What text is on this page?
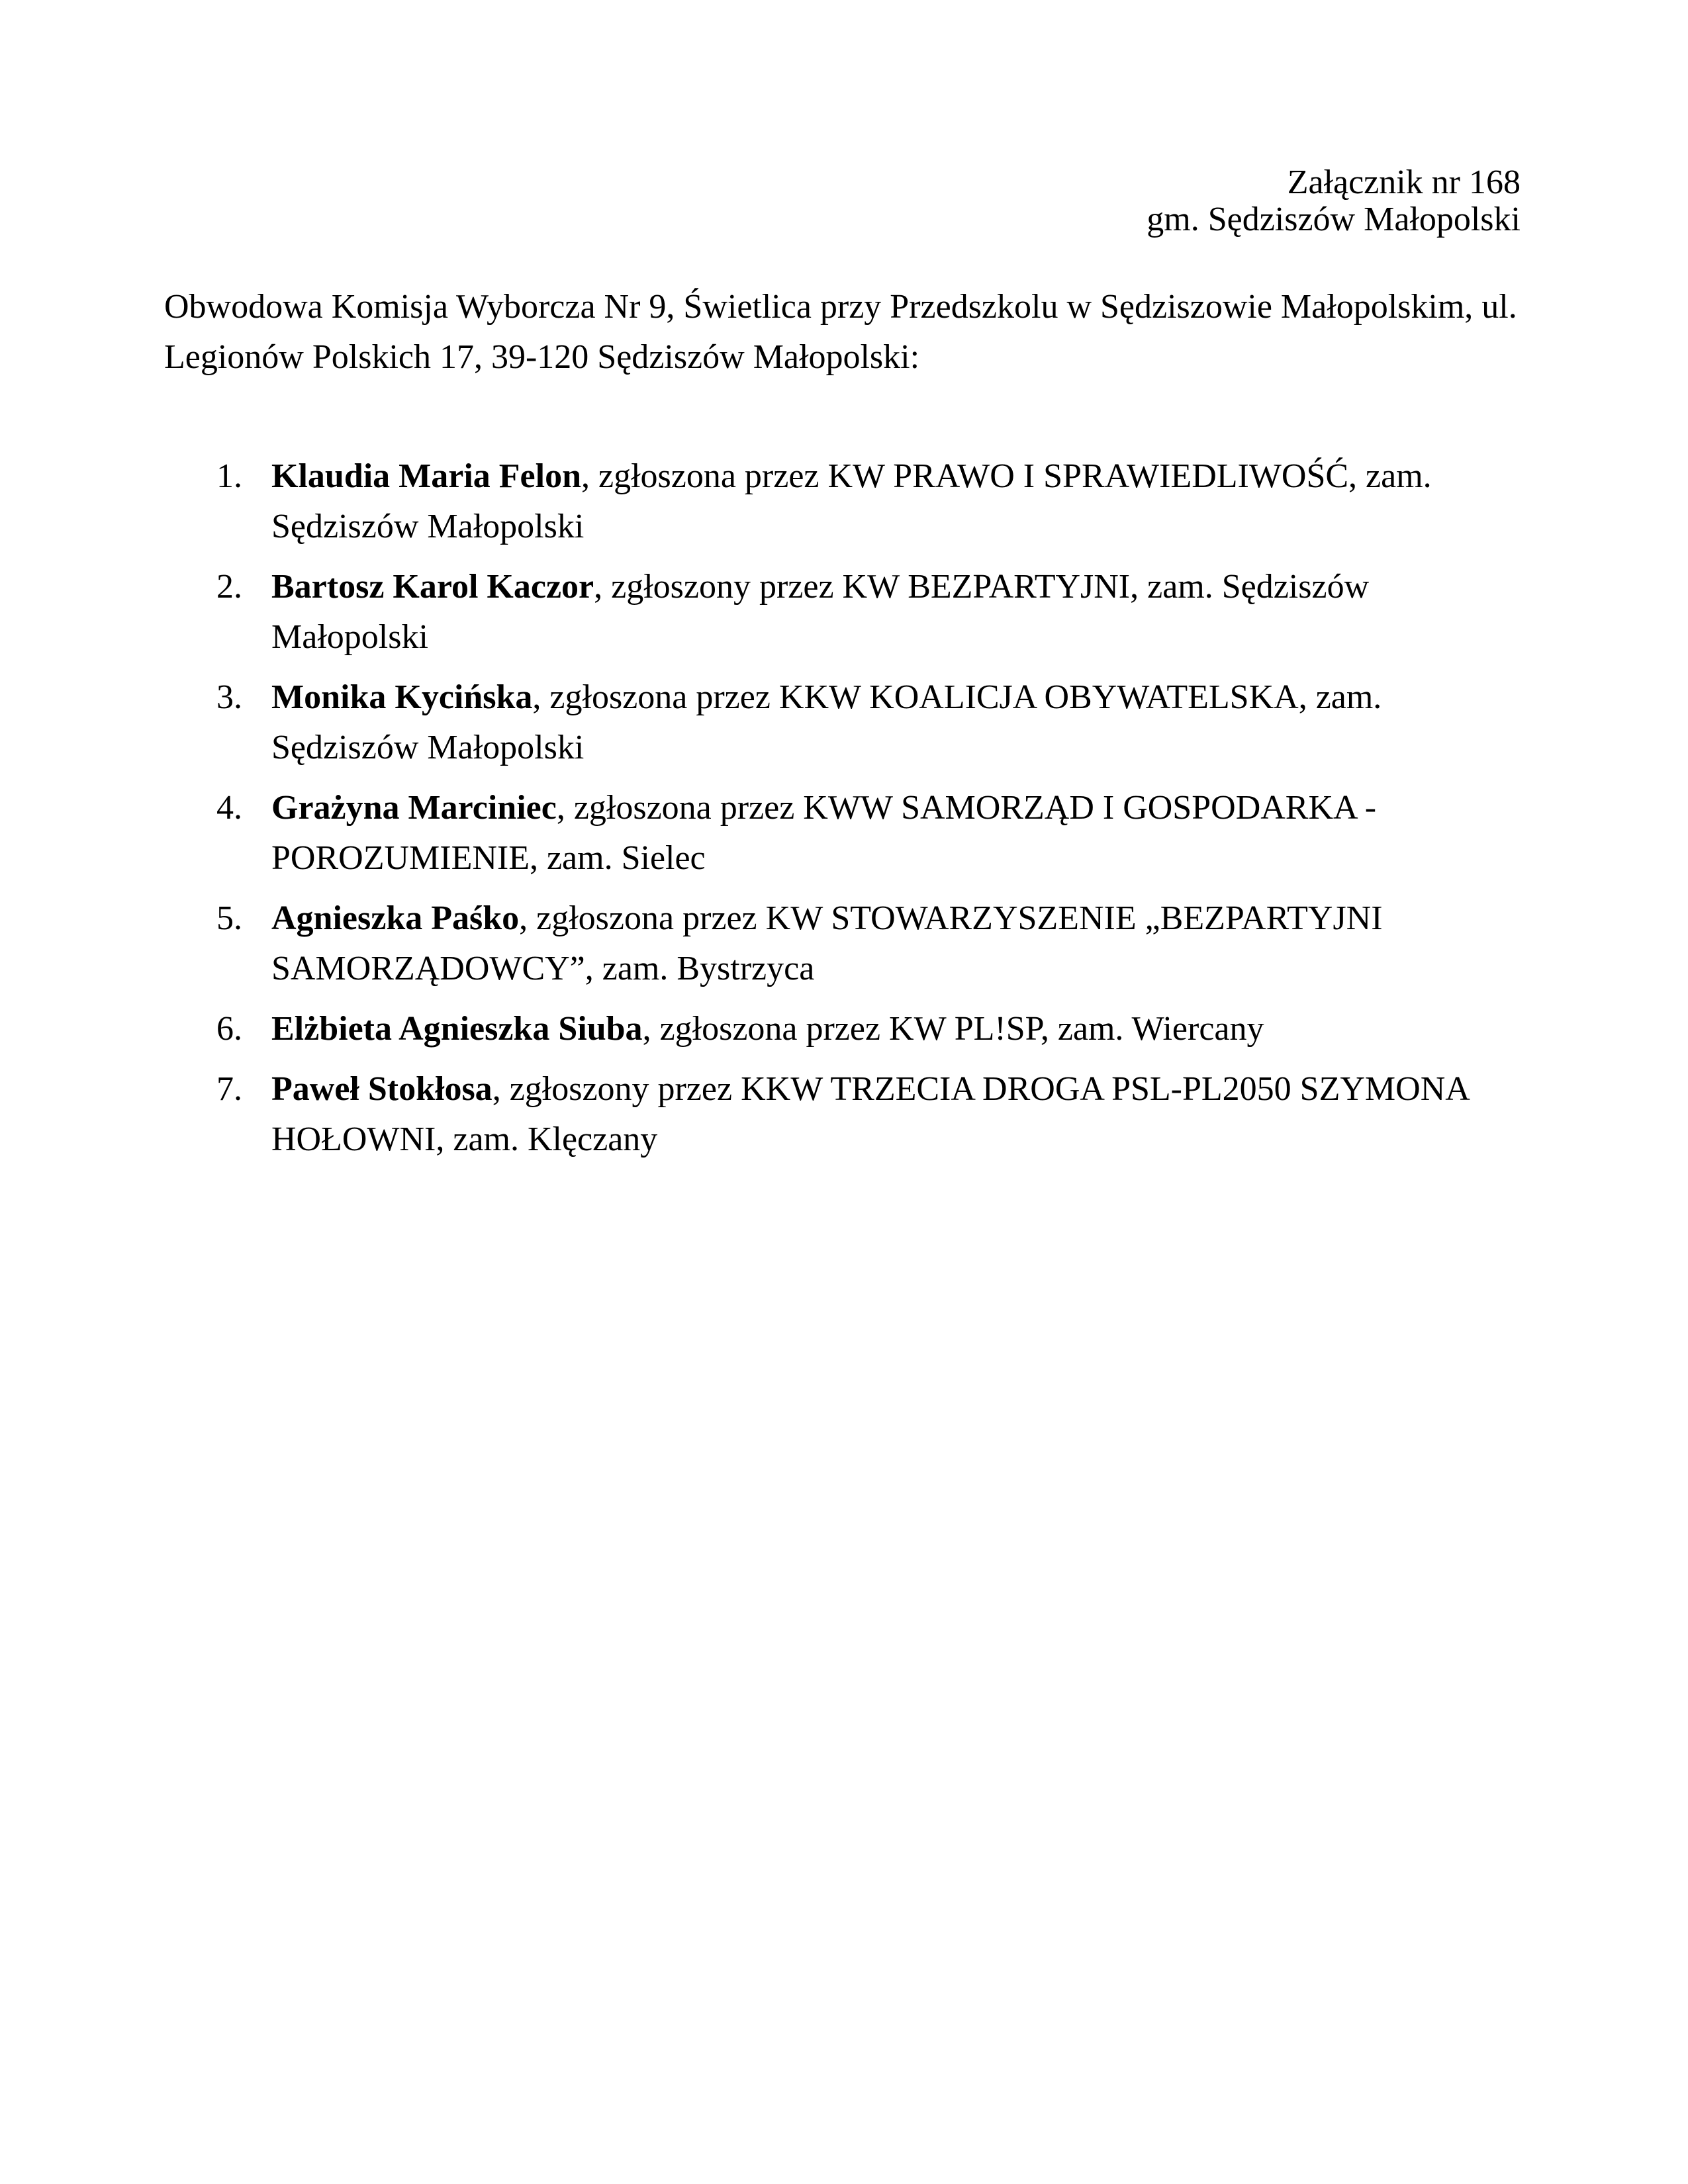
Załącznik nr 168
gm. Sędziszów Małopolski
Obwodowa Komisja Wyborcza Nr 9, Świetlica przy Przedszkolu w Sędziszowie Małopolskim, ul.
Legionów Polskich 17, 39-120 Sędziszów Małopolski:
1. Klaudia Maria Felon, zgłoszona przez KW PRAWO I SPRAWIEDLIWOŚĆ, zam. Sędziszów Małopolski
2. Bartosz Karol Kaczor, zgłoszony przez KW BEZPARTYJNI, zam. Sędziszów Małopolski
3. Monika Kycińska, zgłoszona przez KKW KOALICJA OBYWATELSKA, zam. Sędziszów Małopolski
4. Grażyna Marciniec, zgłoszona przez KWW SAMORZĄD I GOSPODARKA - POROZUMIENIE, zam. Sielec
5. Agnieszka Paśko, zgłoszona przez KW STOWARZYSZENIE „BEZPARTYJNI SAMORZĄDOWCY”, zam. Bystrzyca
6. Elżbieta Agnieszka Siuba, zgłoszona przez KW PL!SP, zam. Wiercany
7. Paweł Stokłosa, zgłoszony przez KKW TRZECIA DROGA PSL-PL2050 SZYMONA HOŁOWNI, zam. Klęczany
